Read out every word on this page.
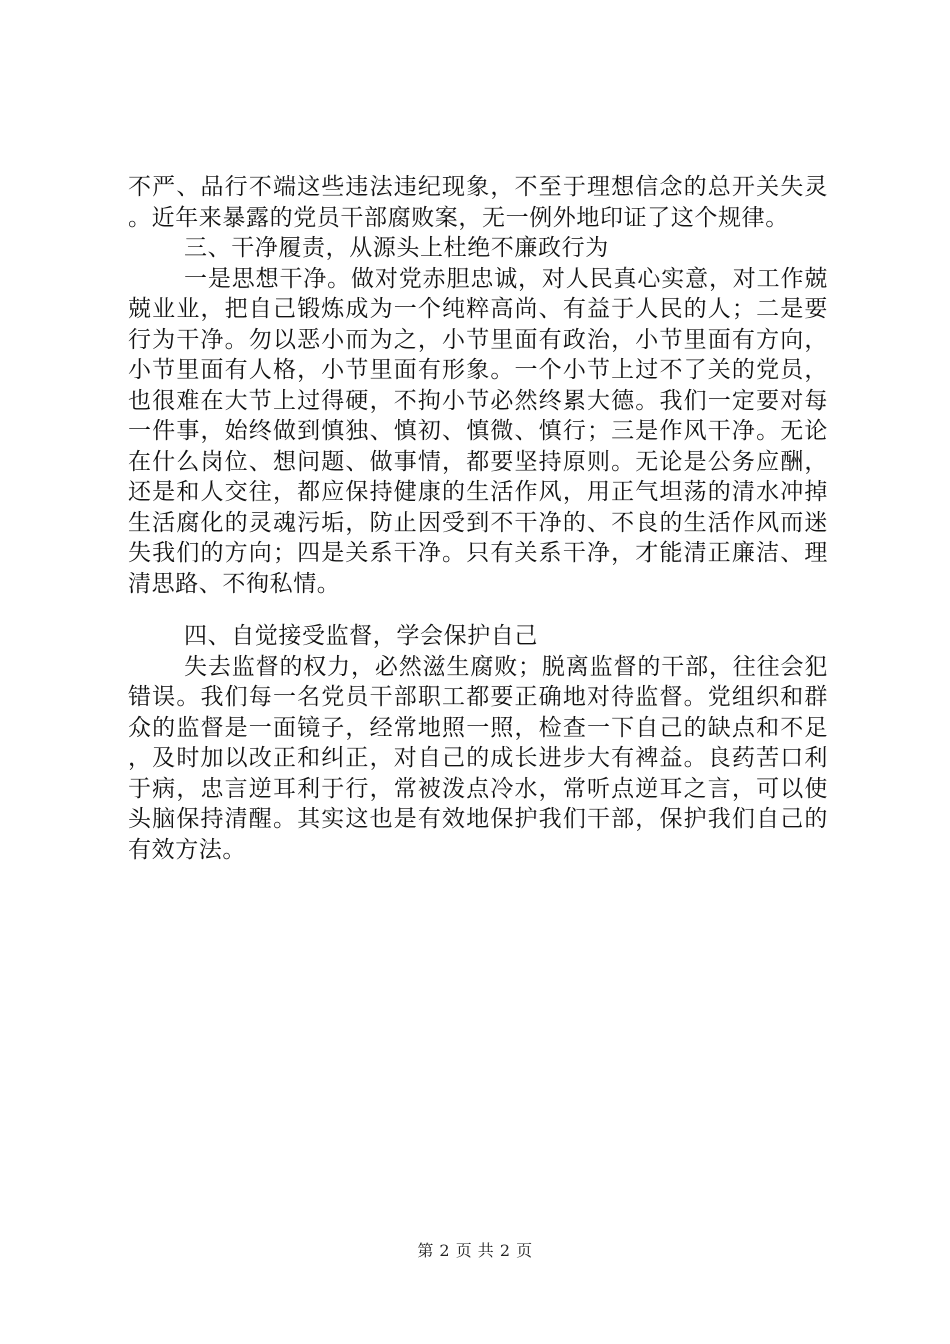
不严、品行不端这些违法违纪现象，不至于理想信念的总开关失灵。近年来暴露的党员干部腐败案，无一例外地印证了这个规律。

三、干净履责，从源头上杜绝不廉政行为

一是思想干净。做对党赤胆忠诚，对人民真心实意，对工作兢兢业业，把自己锻炼成为一个纯粹高尚、有益于人民的人；二是要行为干净。勿以恶小而为之，小节里面有政治，小节里面有方向，小节里面有人格，小节里面有形象。一个小节上过不了关的党员，也很难在大节上过得硬，不拘小节必然终累大德。我们一定要对每一件事，始终做到慎独、慎初、慎微、慎行；三是作风干净。无论在什么岗位、想问题、做事情，都要坚持原则。无论是公务应酬，还是和人交往，都应保持健康的生活作风，用正气坦荡的清水冲掉生活腐化的灵魂污垢，防止因受到不干净的、不良的生活作风而迷失我们的方向；四是关系干净。只有关系干净，才能清正廉洁、理清思路、不徇私情。

四、自觉接受监督，学会保护自己

失去监督的权力，必然滋生腐败；脱离监督的干部，往往会犯错误。我们每一名党员干部职工都要正确地对待监督。党组织和群众的监督是一面镜子，经常地照一照，检查一下自己的缺点和不足，及时加以改正和纠正，对自己的成长进步大有裨益。良药苦口利于病，忠言逆耳利于行，常被泼点冷水，常听点逆耳之言，可以使头脑保持清醒。其实这也是有效地保护我们干部，保护我们自己的有效方法。

第 2 页 共 2 页
